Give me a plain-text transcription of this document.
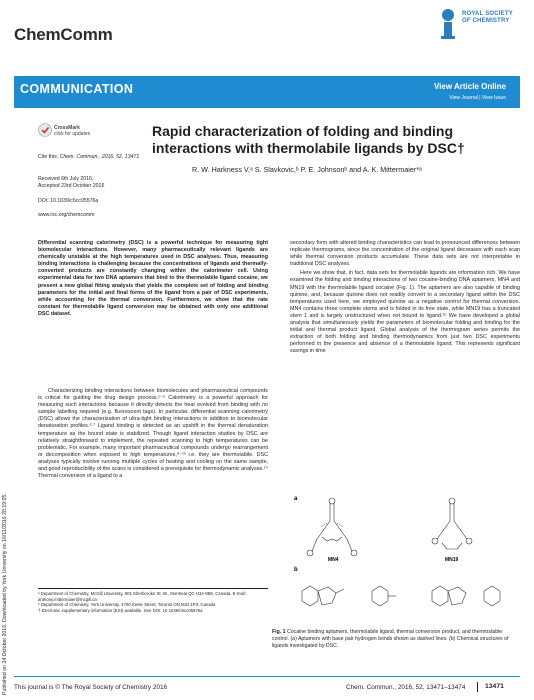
Published on 24 October 2016. Downloaded by York University on 16/11/2016 20:19:05.
ChemComm
ROYAL SOCIETY
OF CHEMISTRY
COMMUNICATION	View Article Online
View Journal | View Issue
CrossMark
click for updates	Rapid characterization of folding and binding interactions with thermolabile ligands by DSC†
Cite this: Chem. Commun., 2016, 52, 13471
Received 6th July 2016,
Accepted 23rd October 2016
DOI: 10.1039/c6cc05576a
www.rsc.org/chemcomm
R. W. Harkness V,ᵃ S. Slavkovic,ᵇ P. E. Johnsonᵇ and A. K. Mittermaier*ᵃ
Differential scanning calorimetry (DSC) is a powerful technique for measuring tight biomolecular interactions. However, many pharmaceutically relevant ligands are chemically unstable at the high temperatures used in DSC analyses. Thus, measuring binding interactions is challenging because the concentrations of ligands and thermally-converted products are constantly changing within the calorimeter cell. Using experimental data for two DNA aptamers that bind to the thermolabile ligand cocaine, we present a new global fitting analysis that yields the complete set of folding and binding parameters for the initial and final forms of the ligand from a pair of DSC experiments, while accounting for the thermal conversion. Furthermore, we show that the rate constant for thermolabile ligand conversion may be obtained with only one additional DSC dataset.

Characterizing binding interactions between biomolecules and pharmaceutical compounds is critical for guiding the drug design process.¹⁻⁵ Calorimetry is a powerful approach for measuring such interactions because it directly detects the heat evolved from binding with no sample labelling required (e.g. fluorescent tags). In particular, differential scanning calorimetry (DSC) allows the characterization of ultra-tight binding interactions in addition to biomolecular denaturation profiles.⁶·⁷ Ligand binding is detected as an upshift in the thermal denaturation temperature as the bound state is stabilized. Though ligand interaction studies by DSC are relatively straightforward to implement, the repeated scanning to high temperatures can be problematic. For example, many important pharmaceutical compounds undergo rearrangement or decomposition when exposed to high temperatures,⁸⁻¹³ i.e. they are thermolabile. DSC analyses typically involve running multiple cycles of heating and cooling on the same sample, and good reproducibility of the scans is considered a prerequisite for thermodynamic analyses.¹⁴ Thermal conversion of a ligand to a

secondary form with altered binding characteristics can lead to pronounced differences between replicate thermograms, since the concentration of the original ligand decreases with each scan while thermal conversion products accumulate. These data sets are not interpretable in traditional DSC analyses.

Here we show that, in fact, data sets for thermolabile ligands are information rich. We have examined the folding and binding interactions of two cocaine-binding DNA aptamers, MN4 and MN19 with the thermolabile ligand cocaine (Fig. 1). The aptamers are also capable of binding quinine, and, because quinine does not readily convert to a secondary ligand within the DSC temperatures used here, we employed quinine as a negative control for thermal conversion. MN4 contains three complete stems and is folded in its free state, while MN19 has a truncated stem 1 and is largely unstructured when not bound to ligand.¹⁵ We have developed a global analysis that simultaneously yields the parameters of biomolecular folding and binding for the initial and thermal product ligand. Global analysis of the thermogram series permits the extraction of both folding and binding thermodynamics from just two DSC experiments performed in the presence and absence of a thermolabile ligand. This represents significant savings in time

a
MN4	MN19
b
Fig. 1 Cocaine binding aptamers, thermolabile ligand, thermal conversion product, and thermostable control. (a) Aptamers with base pair hydrogen bonds shown as dashed lines. (b) Chemical structures of ligands investigated by DSC.
ᵃ Department of Chemistry, McGill University, 801 Sherbrooke St. W., Montreal QC H3A 0B8, Canada. E-mail: anthony.mittermaier@mcgill.ca
ᵇ Department of Chemistry, York University, 4700 Keele Street, Toronto ON M3J 1P3, Canada
† Electronic supplementary information (ESI) available. See DOI: 10.1039/c6cc05576a
This journal is © The Royal Society of Chemistry 2016	Chem. Commun., 2016, 52, 13471–13474	13471
